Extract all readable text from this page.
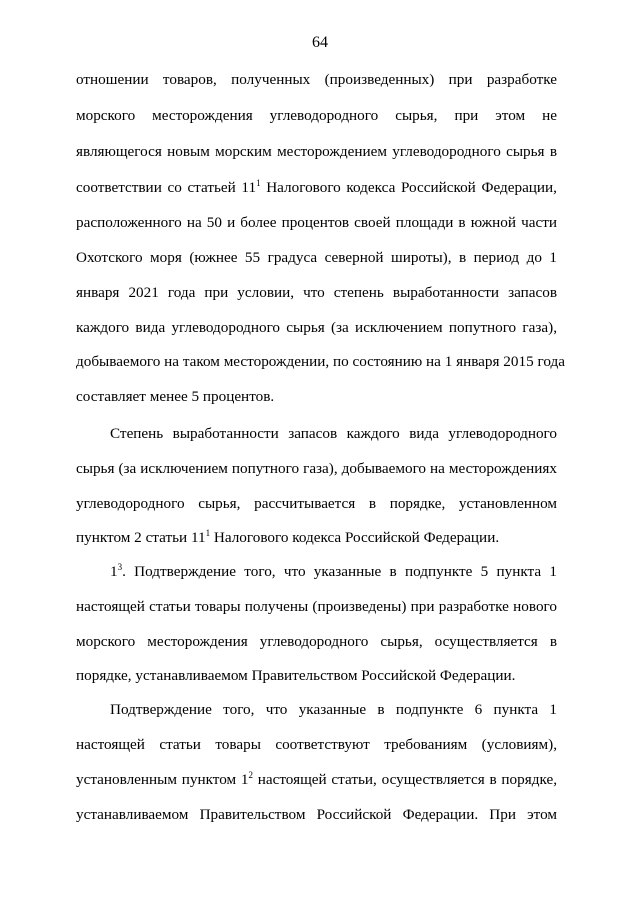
64
отношении товаров, полученных (произведенных) при разработке
морского месторождения углеводородного сырья, при этом не
являющегося новым морским месторождением углеводородного сырья в
соответствии со статьей $11^1$ Налогового кодекса Российской Федерации,
расположенного на 50 и более процентов своей площади в южной части
Охотского моря (южнее 55 градуса северной широты), в период до 1
января 2021 года при условии, что степень выработанности запасов
каждого вида углеводородного сырья (за исключением попутного газа),
добываемого на таком месторождении, по состоянию на 1 января 2015 года
составляет менее 5 процентов.
Степень выработанности запасов каждого вида углеводородного
сырья (за исключением попутного газа), добываемого на месторождениях
углеводородного сырья, рассчитывается в порядке, установленном
пунктом 2 статьи $11^1$ Налогового кодекса Российской Федерации.
$1^3$. Подтверждение того, что указанные в подпункте 5 пункта 1
настоящей статьи товары получены (произведены) при разработке нового
морского месторождения углеводородного сырья, осуществляется в
порядке, устанавливаемом Правительством Российской Федерации.
Подтверждение того, что указанные в подпункте 6 пункта 1
настоящей статьи товары соответствуют требованиям (условиям),
установленным пунктом $1^2$ настоящей статьи, осуществляется в порядке,
устанавливаемом Правительством Российской Федерации. При этом
